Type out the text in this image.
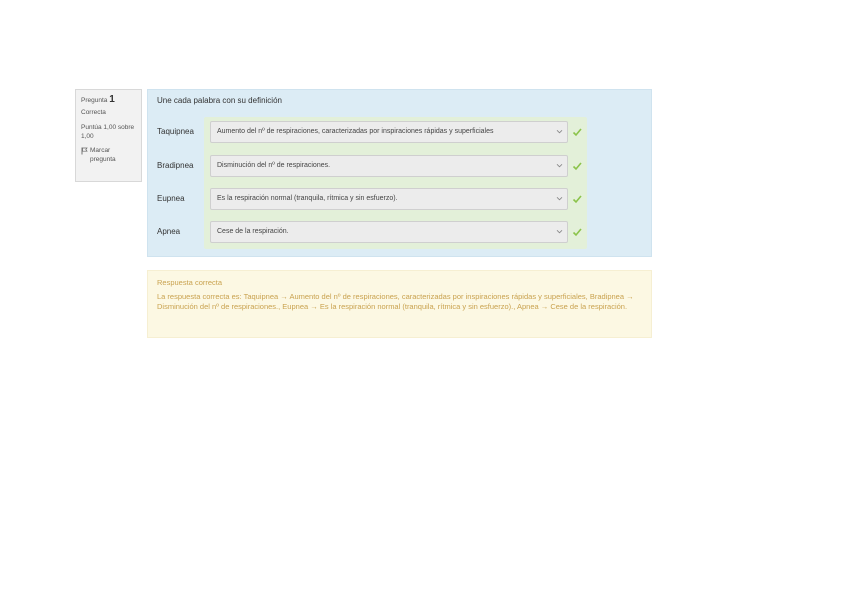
Pregunta 1
Correcta
Puntúa 1,00 sobre 1,00
Marcar pregunta
Une cada palabra con su definición
Taquipnea	Aumento del nº de respiraciones, caracterizadas por inspiraciones rápidas y superficiales
Bradipnea	Disminución del nº de respiraciones.
Eupnea	Es la respiración normal (tranquila, rítmica y sin esfuerzo).
Apnea	Cese de la respiración.
Respuesta correcta
La respuesta correcta es: Taquipnea → Aumento del nº de respiraciones, caracterizadas por inspiraciones rápidas y superficiales, Bradipnea → Disminución del nº de respiraciones., Eupnea → Es la respiración normal (tranquila, rítmica y sin esfuerzo)., Apnea → Cese de la respiración.
